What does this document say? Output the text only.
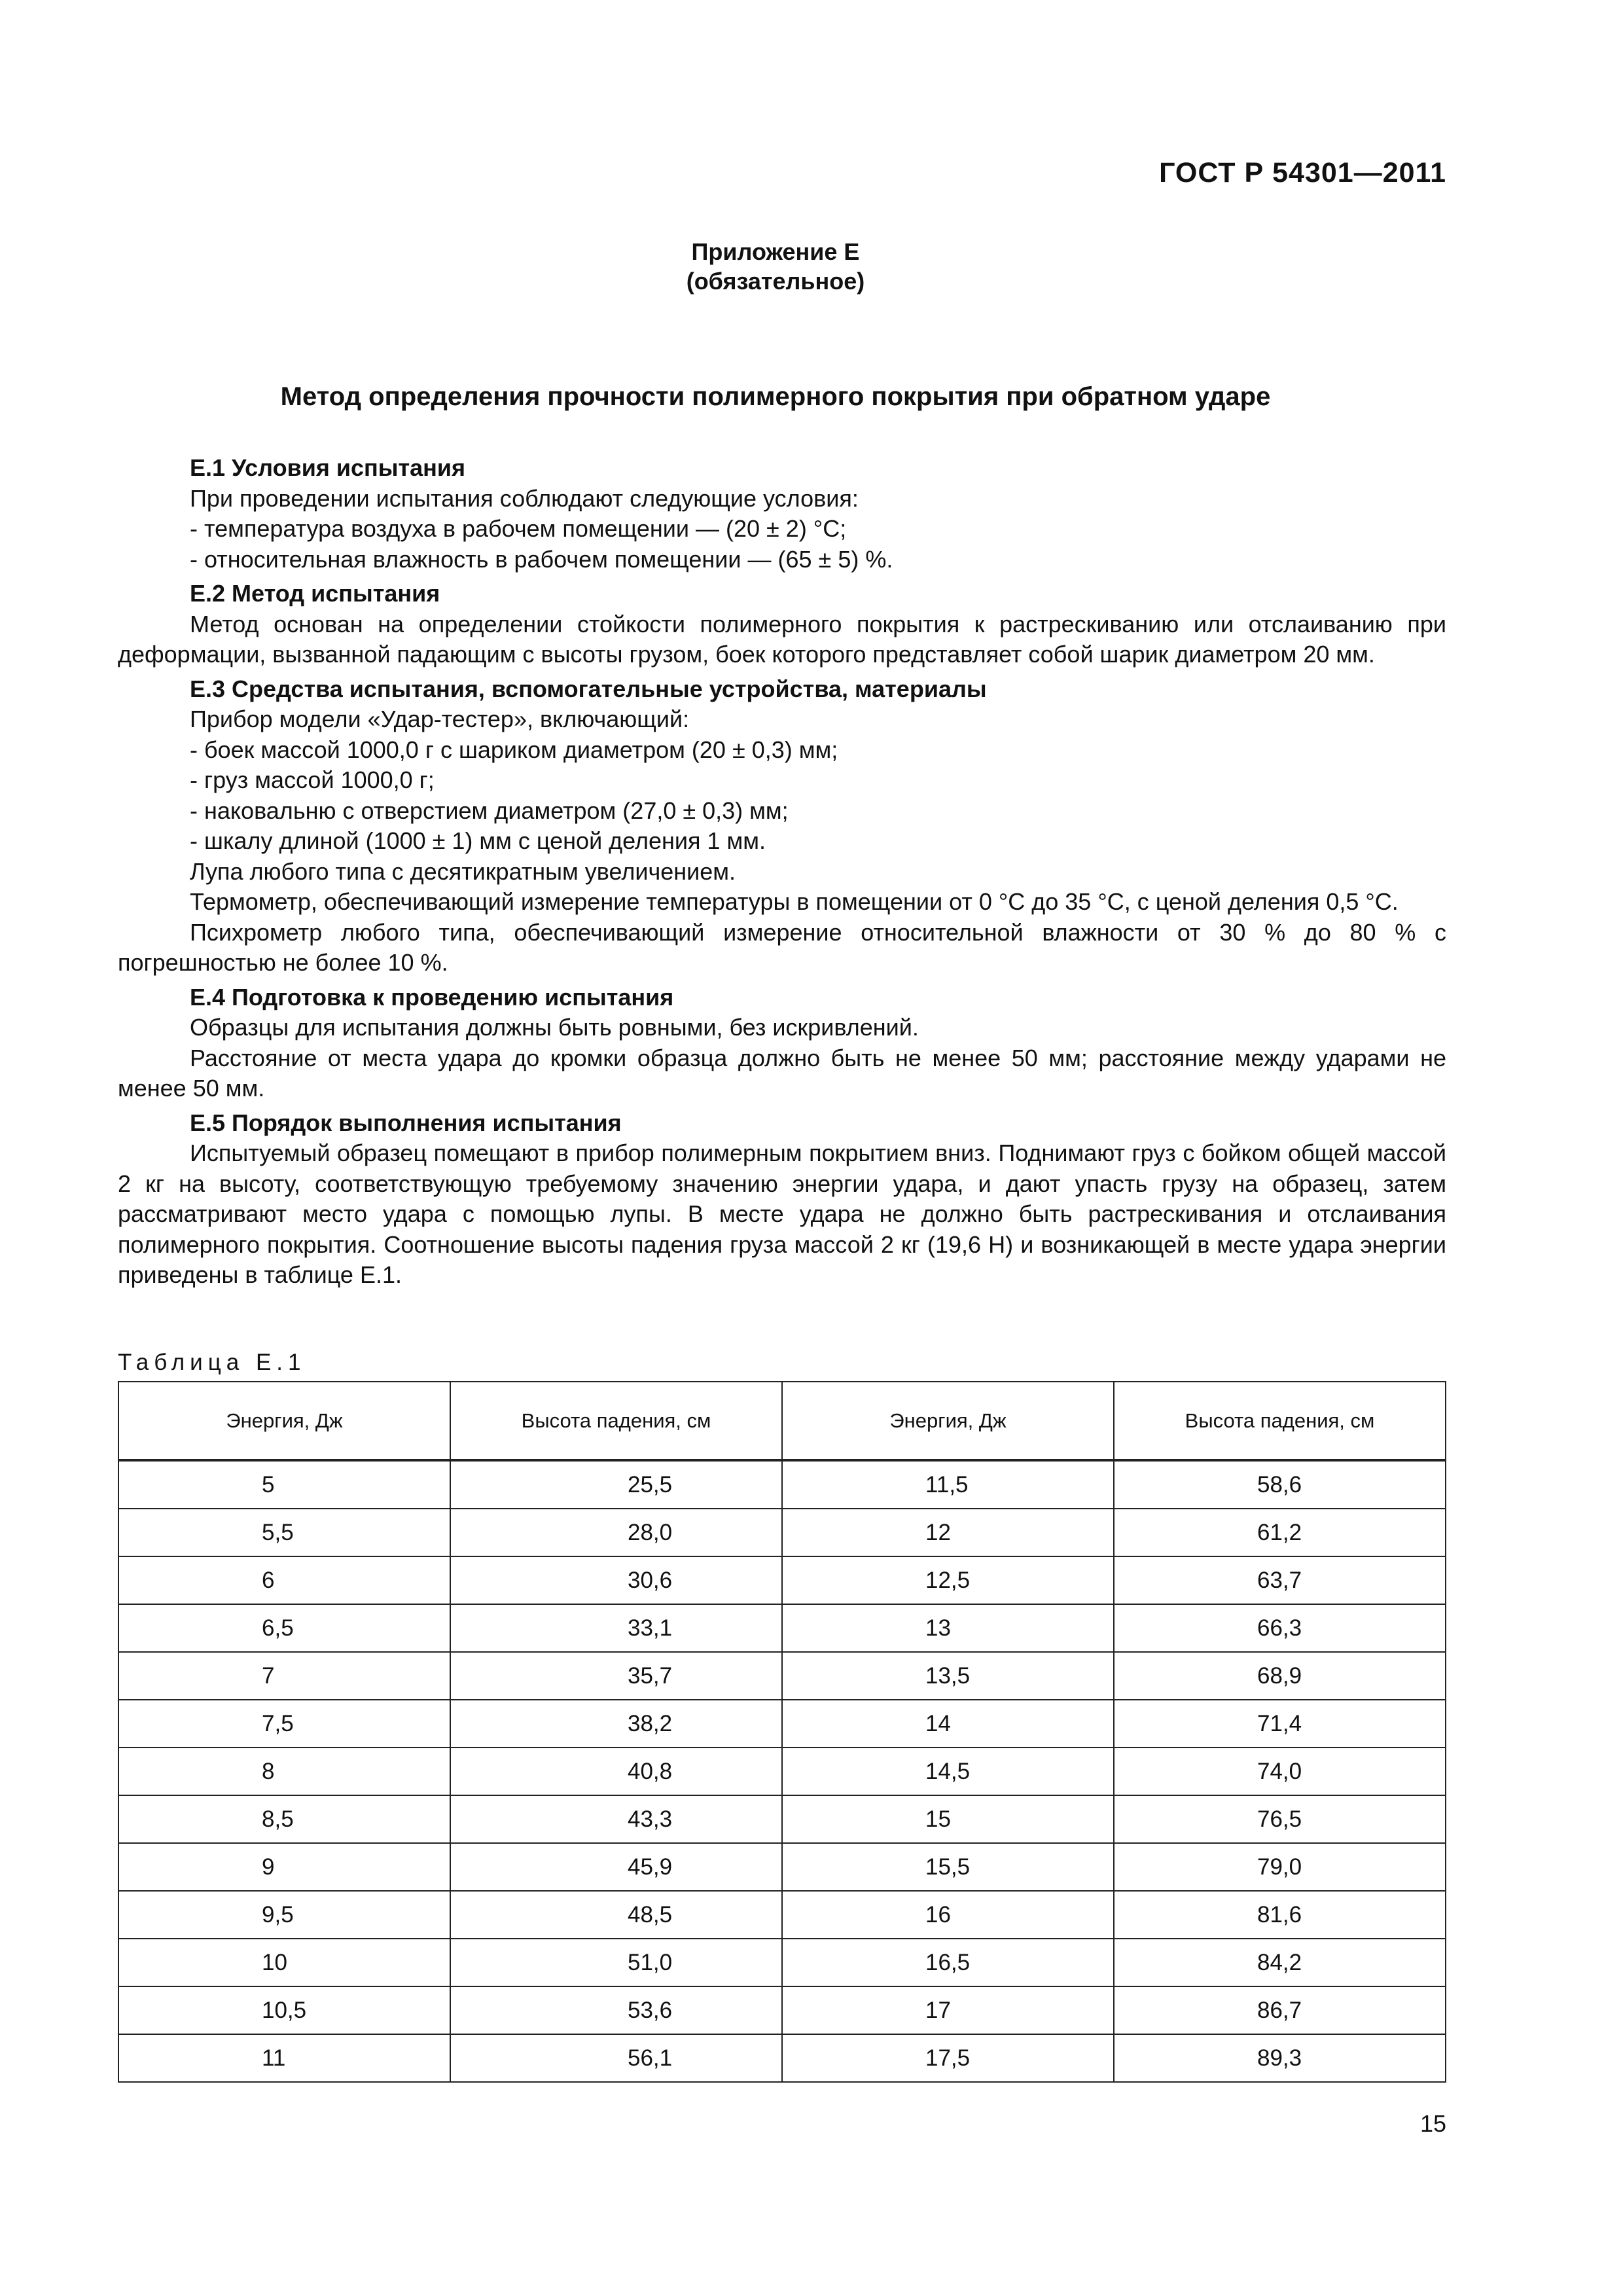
ГОСТ Р 54301—2011
Приложение Е
(обязательное)
Метод определения прочности полимерного покрытия при обратном ударе

Е.1 Условия испытания

При проведении испытания соблюдают следующие условия:

- температура воздуха в рабочем помещении — (20 ± 2) °С;

- относительная влажность в рабочем помещении — (65 ± 5) %.

Е.2 Метод испытания

Метод основан на определении стойкости полимерного покрытия к растрескиванию или отслаиванию при деформации, вызванной падающим с высоты грузом, боек которого представляет собой шарик диаметром 20 мм.

Е.3 Средства испытания, вспомогательные устройства, материалы

Прибор модели «Удар-тестер», включающий:

- боек массой 1000,0 г с шариком диаметром (20 ± 0,3) мм;

- груз массой 1000,0 г;

- наковальню с отверстием диаметром (27,0 ± 0,3) мм;

- шкалу длиной (1000 ± 1) мм с ценой деления 1 мм.

Лупа любого типа с десятикратным увеличением.

Термометр, обеспечивающий измерение температуры в помещении от 0 °С до 35 °С, с ценой деления 0,5 °С.

Психрометр любого типа, обеспечивающий измерение относительной влажности от 30 % до 80 % с погрешностью не более 10 %.

Е.4 Подготовка к проведению испытания

Образцы для испытания должны быть ровными, без искривлений.

Расстояние от места удара до кромки образца должно быть не менее 50 мм; расстояние между ударами не менее 50 мм.

Е.5 Порядок выполнения испытания

Испытуемый образец помещают в прибор полимерным покрытием вниз. Поднимают груз с бойком общей массой 2 кг на высоту, соответствующую требуемому значению энергии удара, и дают упасть грузу на образец, затем рассматривают место удара с помощью лупы. В месте удара не должно быть растрескивания и отслаивания полимерного покрытия. Соотношение высоты падения груза массой 2 кг (19,6 Н) и возникающей в месте удара энергии приведены в таблице Е.1.

Таблица Е.1
Энергия, Дж	Высота падения, см	Энергия, Дж	Высота падения, см
5	25,5	11,5	58,6
5,5	28,0	12	61,2
6	30,6	12,5	63,7
6,5	33,1	13	66,3
7	35,7	13,5	68,9
7,5	38,2	14	71,4
8	40,8	14,5	74,0
8,5	43,3	15	76,5
9	45,9	15,5	79,0
9,5	48,5	16	81,6
10	51,0	16,5	84,2
10,5	53,6	17	86,7
11	56,1	17,5	89,3
15
